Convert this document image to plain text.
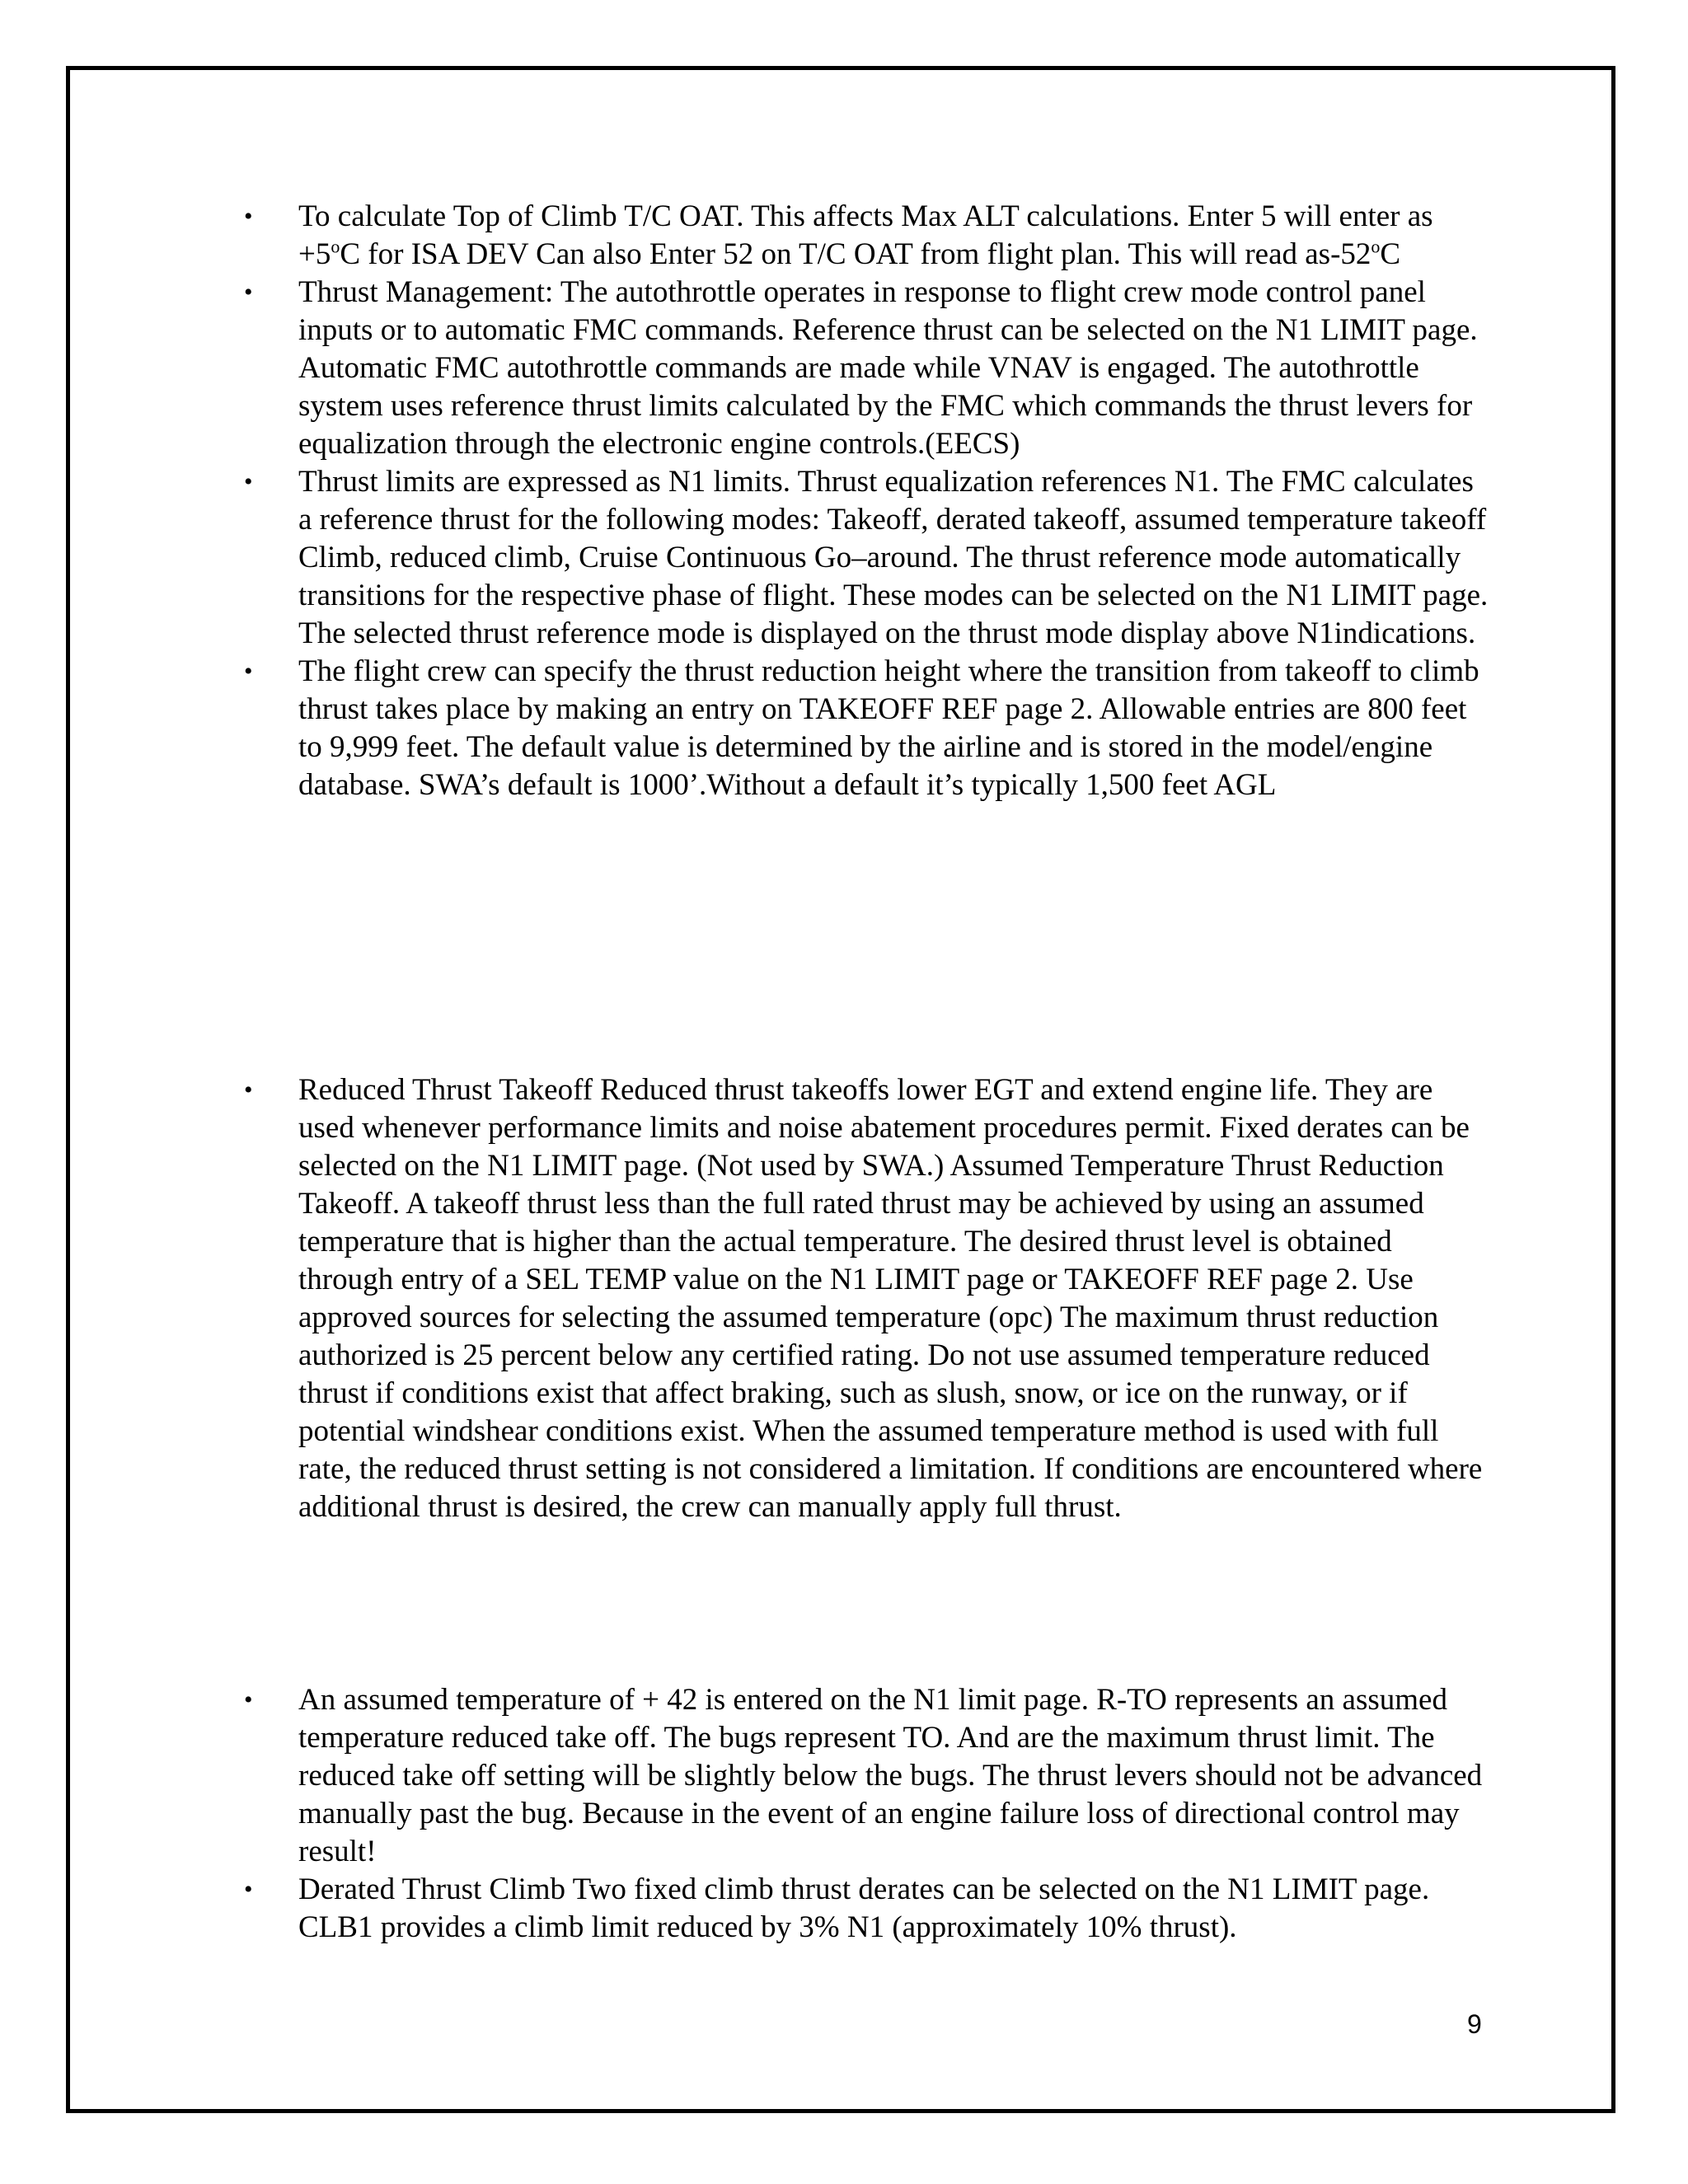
•	To calculate Top of Climb T/C OAT. This affects Max ALT calculations. Enter 5 will enter as $+5^oC$ for ISA DEV Can also Enter 52 on T/C OAT from flight plan. This will read as-52$^o$C
•	Thrust Management: The autothrottle operates in response to flight crew mode control panel inputs or to automatic FMC commands. Reference thrust can be selected on the N1 LIMIT page. Automatic FMC autothrottle commands are made while VNAV is engaged. The autothrottle system uses reference thrust limits calculated by the FMC which commands the thrust levers for equalization through the electronic engine controls.(EECS)
•	Thrust limits are expressed as N1 limits. Thrust equalization references N1. The FMC calculates a reference thrust for the following modes: Takeoff, derated takeoff, assumed temperature takeoff Climb, reduced climb, Cruise Continuous Go–around. The thrust reference mode automatically transitions for the respective phase of flight. These modes can be selected on the N1 LIMIT page. The selected thrust reference mode is displayed on the thrust mode display above N1indications.
•	The flight crew can specify the thrust reduction height where the transition from takeoff to climb thrust takes place by making an entry on TAKEOFF REF page 2. Allowable entries are 800 feet to 9,999 feet. The default value is determined by the airline and is stored in the model/engine database. SWA’s default is 1000’.Without a default it’s typically 1,500 feet AGL
•	Reduced Thrust Takeoff Reduced thrust takeoffs lower EGT and extend engine life. They are used whenever performance limits and noise abatement procedures permit. Fixed derates can be selected on the N1 LIMIT page. (Not used by SWA.) Assumed Temperature Thrust Reduction Takeoff. A takeoff thrust less than the full rated thrust may be achieved by using an assumed temperature that is higher than the actual temperature. The desired thrust level is obtained through entry of a SEL TEMP value on the N1 LIMIT page or TAKEOFF REF page 2. Use approved sources for selecting the assumed temperature (opc) The maximum thrust reduction authorized is 25 percent below any certified rating. Do not use assumed temperature reduced thrust if conditions exist that affect braking, such as slush, snow, or ice on the runway, or if potential windshear conditions exist. When the assumed temperature method is used with full rate, the reduced thrust setting is not considered a limitation. If conditions are encountered where additional thrust is desired, the crew can manually apply full thrust.
•	An assumed temperature of + 42 is entered on the N1 limit page. R-TO represents an assumed temperature reduced take off. The bugs represent TO. And are the maximum thrust limit. The reduced take off setting will be slightly below the bugs. The thrust levers should not be advanced manually past the bug. Because in the event of an engine failure loss of directional control may result!
•	Derated Thrust Climb Two fixed climb thrust derates can be selected on the N1 LIMIT page. CLB1 provides a climb limit reduced by 3% N1 (approximately 10% thrust).
9
